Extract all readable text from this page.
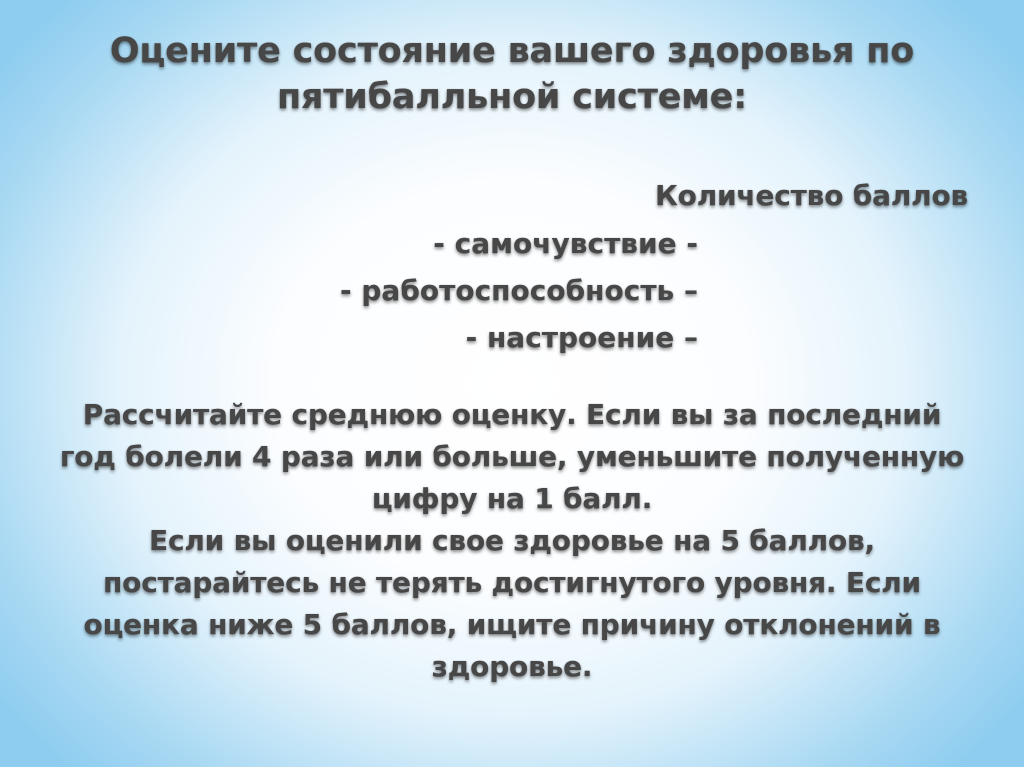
Оцените состояние вашего здоровья по
пятибалльной системе:
Количество баллов
- самочувствие -
- работоспособность –
- настроение –
Рассчитайте среднюю оценку. Если вы за последний
год болели 4 раза или больше, уменьшите полученную
цифру на 1 балл.
Если вы оценили свое здоровье на 5 баллов,
постарайтесь не терять достигнутого уровня. Если
оценка ниже 5 баллов, ищите причину отклонений в
здоровье.
